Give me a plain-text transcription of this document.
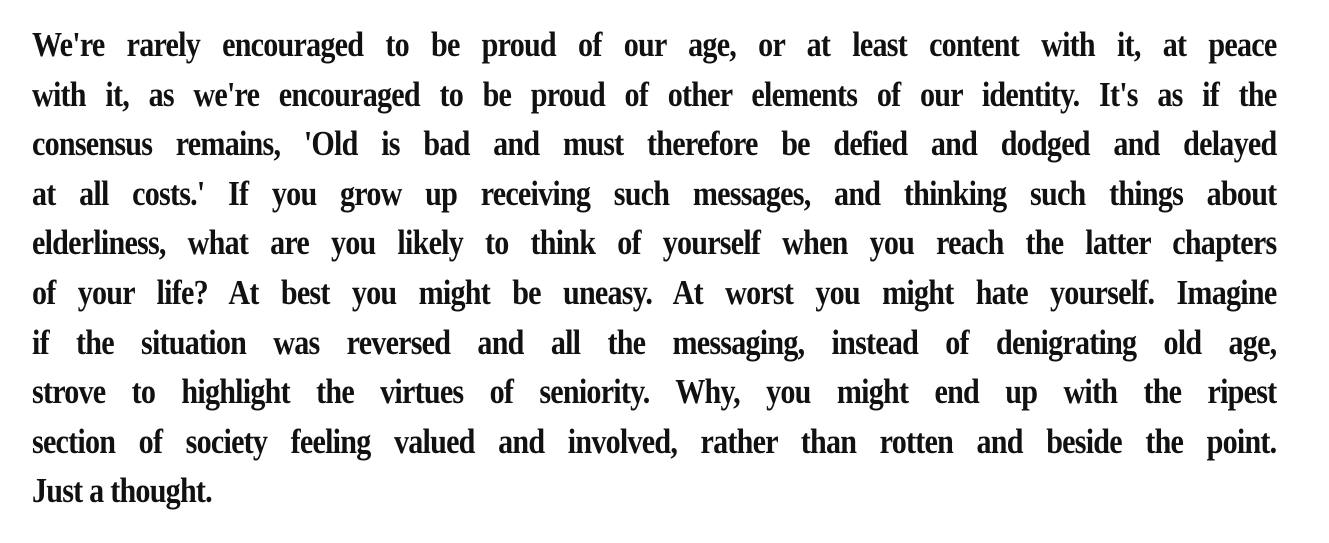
We're rarely encouraged to be proud of our age, or at least content with it, at peace
with it, as we're encouraged to be proud of other elements of our identity. It's as if the
consensus remains, 'Old is bad and must therefore be defied and dodged and delayed
at all costs.' If you grow up receiving such messages, and thinking such things about
elderliness, what are you likely to think of yourself when you reach the latter chapters
of your life? At best you might be uneasy. At worst you might hate yourself. Imagine
if the situation was reversed and all the messaging, instead of denigrating old age,
strove to highlight the virtues of seniority. Why, you might end up with the ripest
section of society feeling valued and involved, rather than rotten and beside the point.
Just a thought.
